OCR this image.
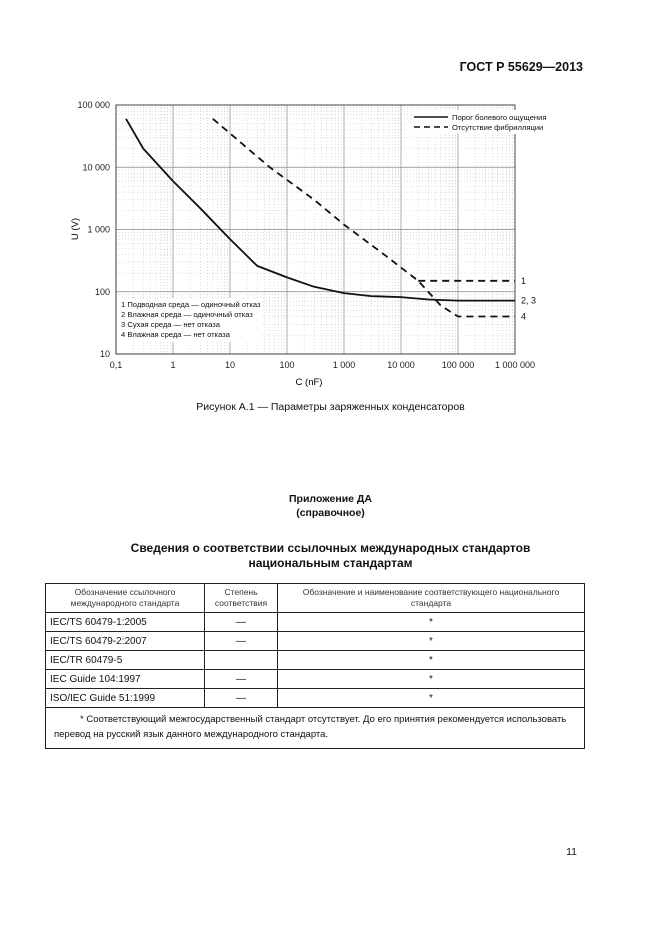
ГОСТ Р 55629—2013
0,1	1	10	100	1 000	10 000	100 000 1 000 000
10
100
1 000
10 000
100 000
Порог болевого ощущения
Отсутствие фибрилляции
1 Подводная среда — одиночный отказ
2 Влажная среда — одиночный отказ
3 Сухая среда — нет отказа
4 Влажная среда — нет отказа
1
2, 3
4
C (nF)
U (V)
Рисунок А.1 — Параметры заряженных конденсаторов
Приложение ДА
(справочное)
Сведения о соответствии ссылочных международных стандартов
национальным стандартам
Обозначение ссылочного международного стандарта	Степень соответствия	Обозначение и наименование соответствующего национального стандарта
IEC/TS 60479-1:2005	—	*
IEC/TS 60479-2:2007	—	*
IEC/TR 60479-5		*
IEC Guide 104:1997	—	*
ISO/IEC Guide 51:1999	—	*
* Соответствующий межгосударственный стандарт отсутствует. До его принятия рекомендуется использовать перевод на русский язык данного международного стандарта.		
11
